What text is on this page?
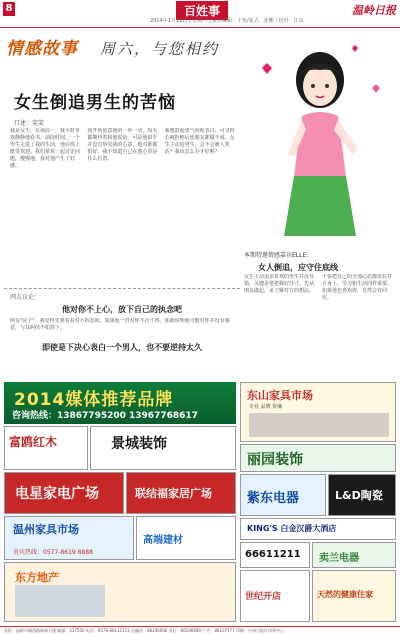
8	百姓事
2014年1月11日 | 星期六 | 责任编辑：王艳/版式：张鹏 | 校对：江东
温岭日报
情感故事 周六，与您相约
女生倒追男生的苦恼
口述：笑笑
我是女生，在读高一，我平时喜欢静静地看书，前段时间，一个男生走进了我的生活，他在班上挺受欢迎。我们常常一起讨论问题，慢慢地，我对他产生了好感。
我开始留意他的一举一动，每天都期待着和他说话。可是他似乎并没有察觉我的心意，他对谁都很好，我不知道自己在他心里是什么位置。
我想鼓起勇气向他表白，可又担心被拒绝后连朋友都做不成。女生主动追男生，会不会被人笑话？我该怎么办才好呢？
本期特邀情感嘉宾ELLE:
女人倒追，应守住底线
女生主动追求喜欢的男生并没有错，关键是要把握好分寸。先从朋友做起，多了解对方的想法。
不要把自己的全部心思都放在对方身上，学习和生活同样重要。如果他也喜欢你，自然会有回应。
网友议论：
他对你不上心，放下自己的执念吧
网友"弦子"：我觉得先要看看对方的态度，如果他一直对你不冷不热，那就说明他可能对你并没有感觉，与其纠结不如放下。
即使是下决心表白一个男人，也不要逆持太久
2014媒体推荐品牌
咨询热线：13867795200 13967768617
东山家具市场
专业 品牌 价廉
富鸥红木	景城装饰
丽园装饰
电星家电广场	联结福家居广场	紫东电器	L&D陶瓷
温州家具市场
贵宾热线：0577-8619 8888
高端建材
KING'S 白金汉爵大酒店
66611211 卖兰电器
东方地产
世纪开店	天然的健康住家
社址：温岭市城西路新闻大楼 邮编：317500 电话：0576-86111111 总编办：86106666 发行：86106680 广告：86107777 印刷：台州日报社印务中心
